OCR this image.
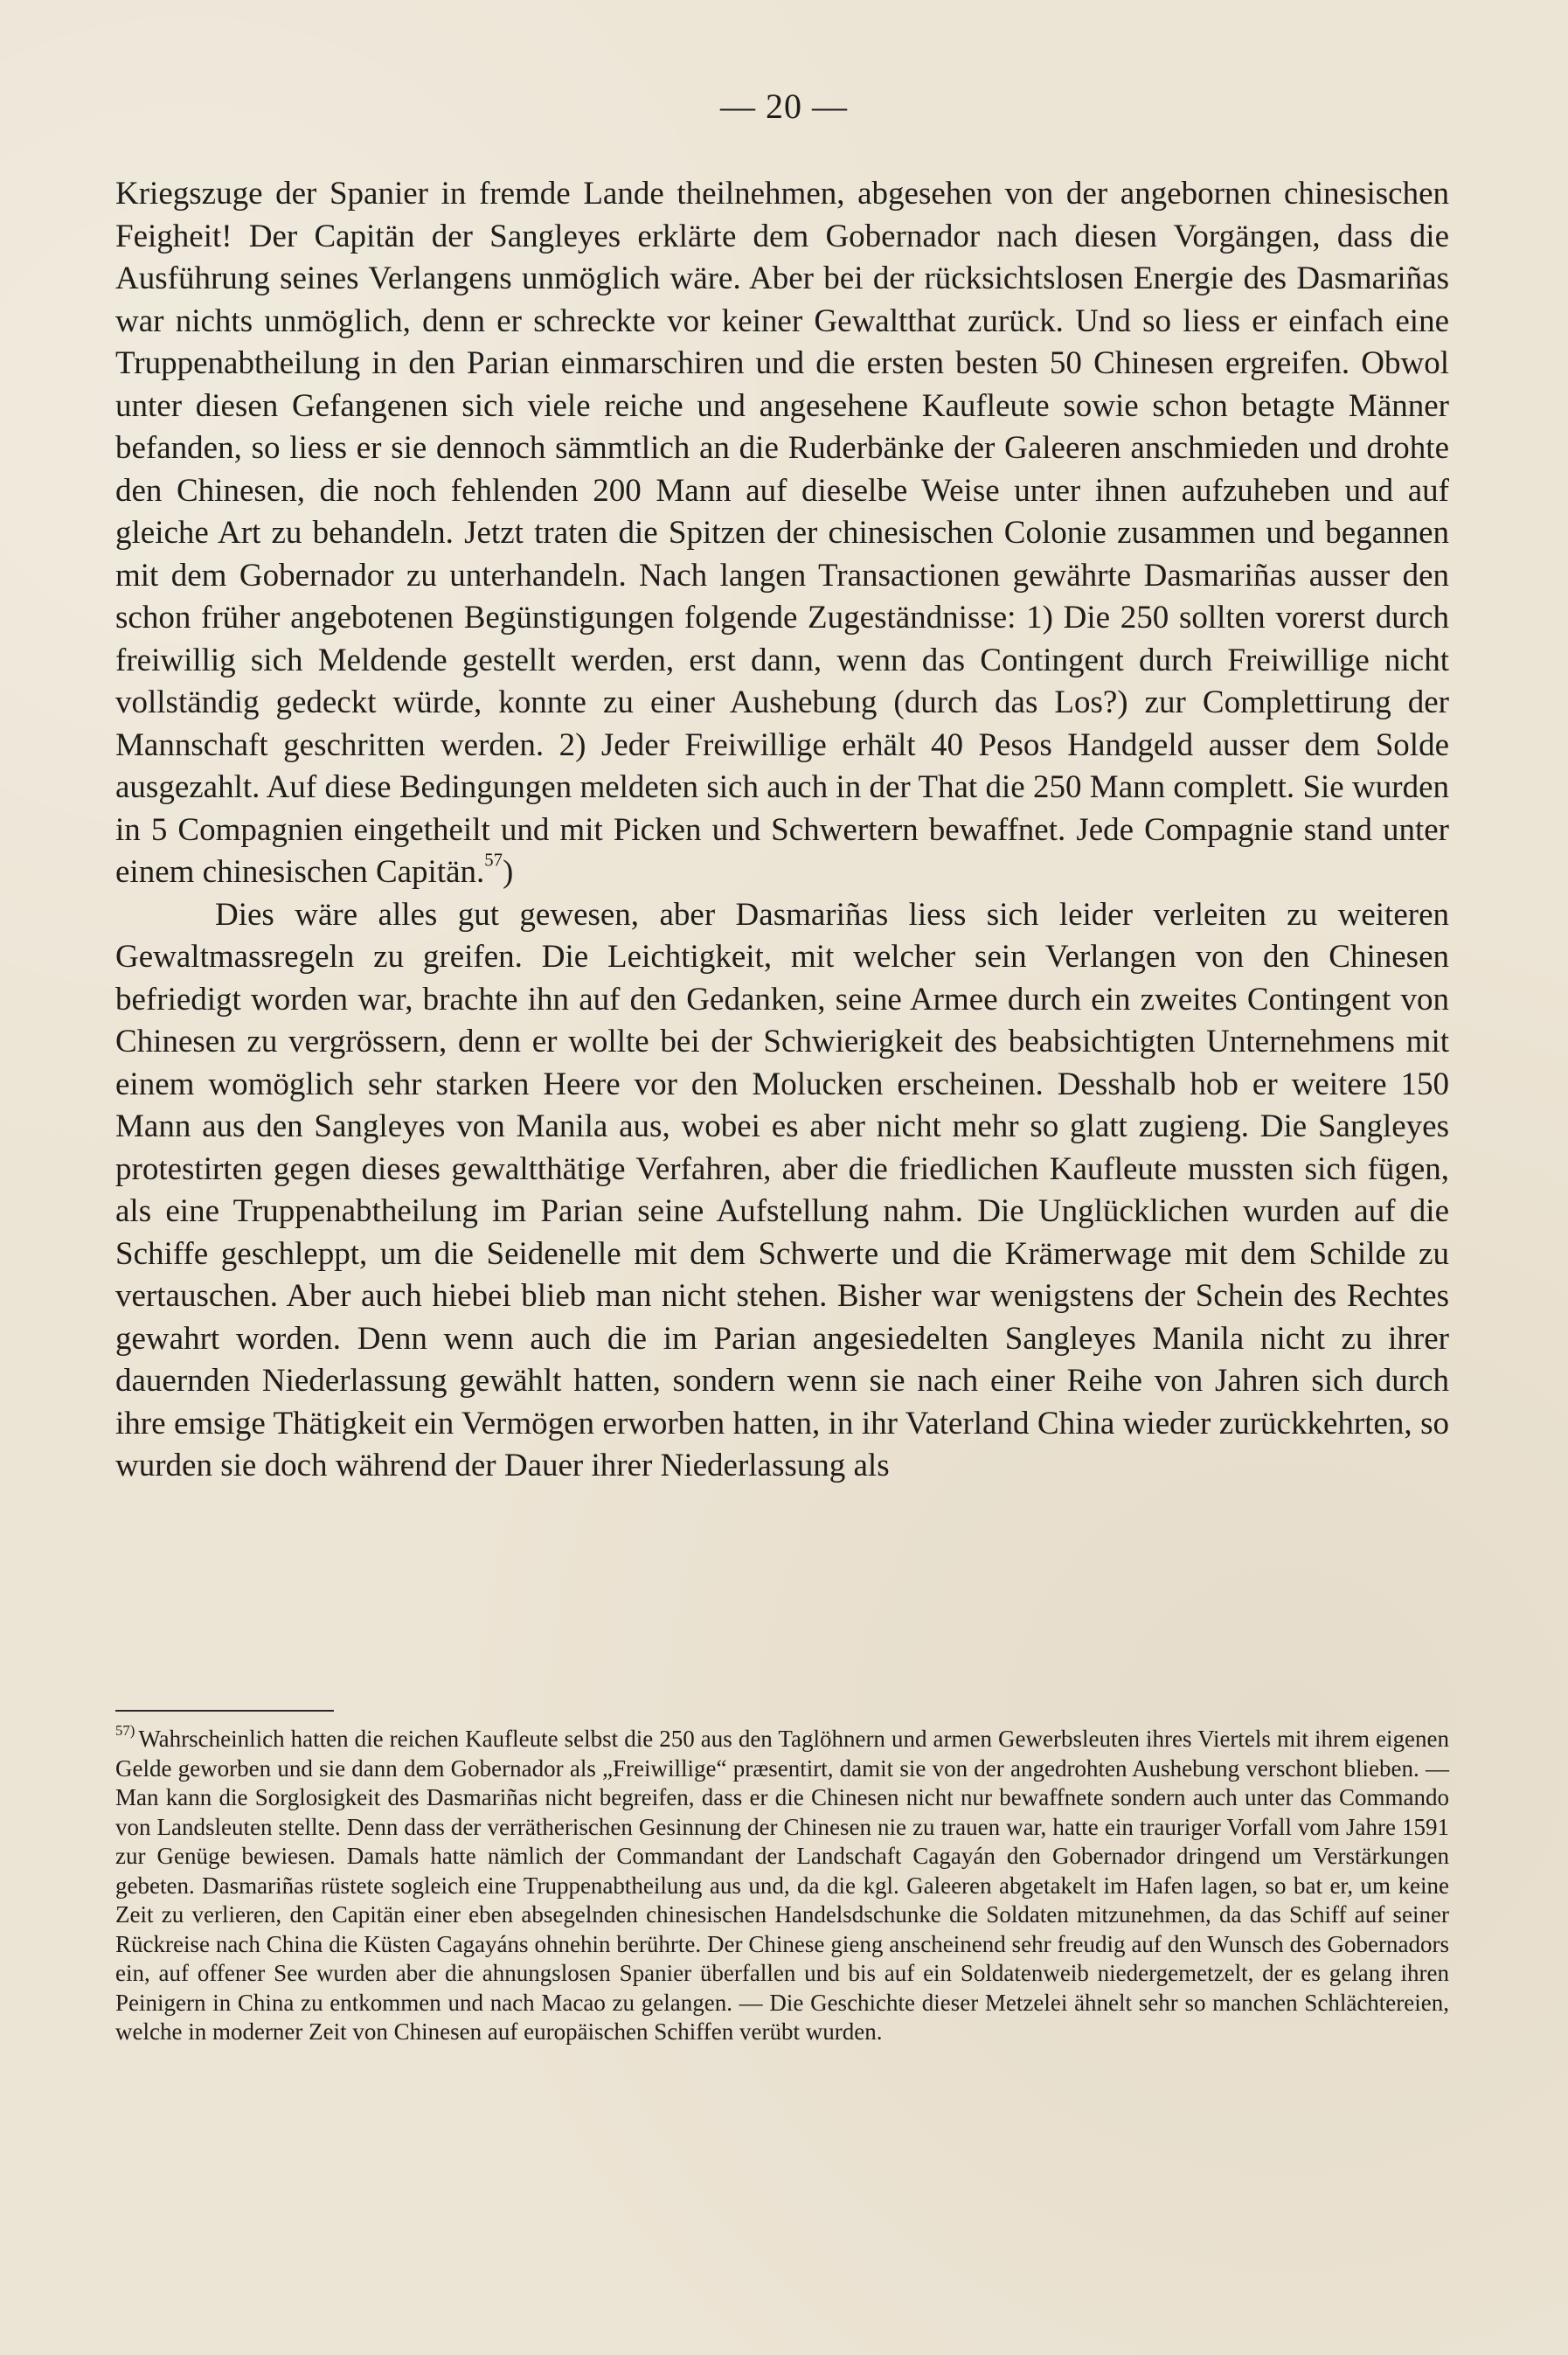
— 20 —

Kriegszuge der Spanier in fremde Lande theilnehmen, abgesehen von der angebornen chinesischen Feigheit! Der Capitän der Sangleyes erklärte dem Gobernador nach diesen Vorgängen, dass die Ausführung seines Verlangens unmöglich wäre. Aber bei der rücksichtslosen Energie des Dasmariñas war nichts unmöglich, denn er schreckte vor keiner Gewaltthat zurück. Und so liess er einfach eine Truppenabtheilung in den Parian einmarschiren und die ersten besten 50 Chinesen ergreifen. Obwol unter diesen Gefangenen sich viele reiche und angesehene Kaufleute sowie schon betagte Männer befanden, so liess er sie dennoch sämmtlich an die Ruderbänke der Galeeren anschmieden und drohte den Chinesen, die noch fehlenden 200 Mann auf dieselbe Weise unter ihnen aufzuheben und auf gleiche Art zu behandeln. Jetzt traten die Spitzen der chinesischen Colonie zusammen und begannen mit dem Gobernador zu unterhandeln. Nach langen Transactionen gewährte Dasmariñas ausser den schon früher angebotenen Begünstigungen folgende Zugeständnisse: 1) Die 250 sollten vorerst durch freiwillig sich Meldende gestellt werden, erst dann, wenn das Contingent durch Freiwillige nicht vollständig gedeckt würde, konnte zu einer Aushebung (durch das Los?) zur Complettirung der Mannschaft geschritten werden. 2) Jeder Freiwillige erhält 40 Pesos Handgeld ausser dem Solde ausgezahlt. Auf diese Bedingungen meldeten sich auch in der That die 250 Mann complett. Sie wurden in 5 Compagnien eingetheilt und mit Picken und Schwertern bewaffnet. Jede Compagnie stand unter einem chinesischen Capitän.$^{57}$)

Dies wäre alles gut gewesen, aber Dasmariñas liess sich leider verleiten zu weiteren Gewaltmassregeln zu greifen. Die Leichtigkeit, mit welcher sein Verlangen von den Chinesen befriedigt worden war, brachte ihn auf den Gedanken, seine Armee durch ein zweites Contingent von Chinesen zu vergrössern, denn er wollte bei der Schwierigkeit des beabsichtigten Unternehmens mit einem womöglich sehr starken Heere vor den Molucken erscheinen. Desshalb hob er weitere 150 Mann aus den Sangleyes von Manila aus, wobei es aber nicht mehr so glatt zugieng. Die Sangleyes protestirten gegen dieses gewaltthätige Verfahren, aber die friedlichen Kaufleute mussten sich fügen, als eine Truppenabtheilung im Parian seine Aufstellung nahm. Die Unglücklichen wurden auf die Schiffe geschleppt, um die Seidenelle mit dem Schwerte und die Krämerwage mit dem Schilde zu vertauschen. Aber auch hiebei blieb man nicht stehen. Bisher war wenigstens der Schein des Rechtes gewahrt worden. Denn wenn auch die im Parian angesiedelten Sangleyes Manila nicht zu ihrer dauernden Niederlassung gewählt hatten, sondern wenn sie nach einer Reihe von Jahren sich durch ihre emsige Thätigkeit ein Vermögen erworben hatten, in ihr Vaterland China wieder zurückkehrten, so wurden sie doch während der Dauer ihrer Niederlassung als

$^{57)}$ Wahrscheinlich hatten die reichen Kaufleute selbst die 250 aus den Taglöhnern und armen Gewerbsleuten ihres Viertels mit ihrem eigenen Gelde geworben und sie dann dem Gobernador als „Freiwillige“ præsentirt, damit sie von der angedrohten Aushebung verschont blieben. — Man kann die Sorglosigkeit des Dasmariñas nicht begreifen, dass er die Chinesen nicht nur bewaffnete sondern auch unter das Commando von Landsleuten stellte. Denn dass der verrätherischen Gesinnung der Chinesen nie zu trauen war, hatte ein trauriger Vorfall vom Jahre 1591 zur Genüge bewiesen. Damals hatte nämlich der Commandant der Landschaft Cagayán den Gobernador dringend um Verstärkungen gebeten. Dasmariñas rüstete sogleich eine Truppenabtheilung aus und, da die kgl. Galeeren abgetakelt im Hafen lagen, so bat er, um keine Zeit zu verlieren, den Capitän einer eben absegelnden chinesischen Handelsdschunke die Soldaten mitzunehmen, da das Schiff auf seiner Rückreise nach China die Küsten Cagayáns ohnehin berührte. Der Chinese gieng anscheinend sehr freudig auf den Wunsch des Gobernadors ein, auf offener See wurden aber die ahnungslosen Spanier überfallen und bis auf ein Soldatenweib niedergemetzelt, der es gelang ihren Peinigern in China zu entkommen und nach Macao zu gelangen. — Die Geschichte dieser Metzelei ähnelt sehr so manchen Schlächtereien, welche in moderner Zeit von Chinesen auf europäischen Schiffen verübt wurden.
